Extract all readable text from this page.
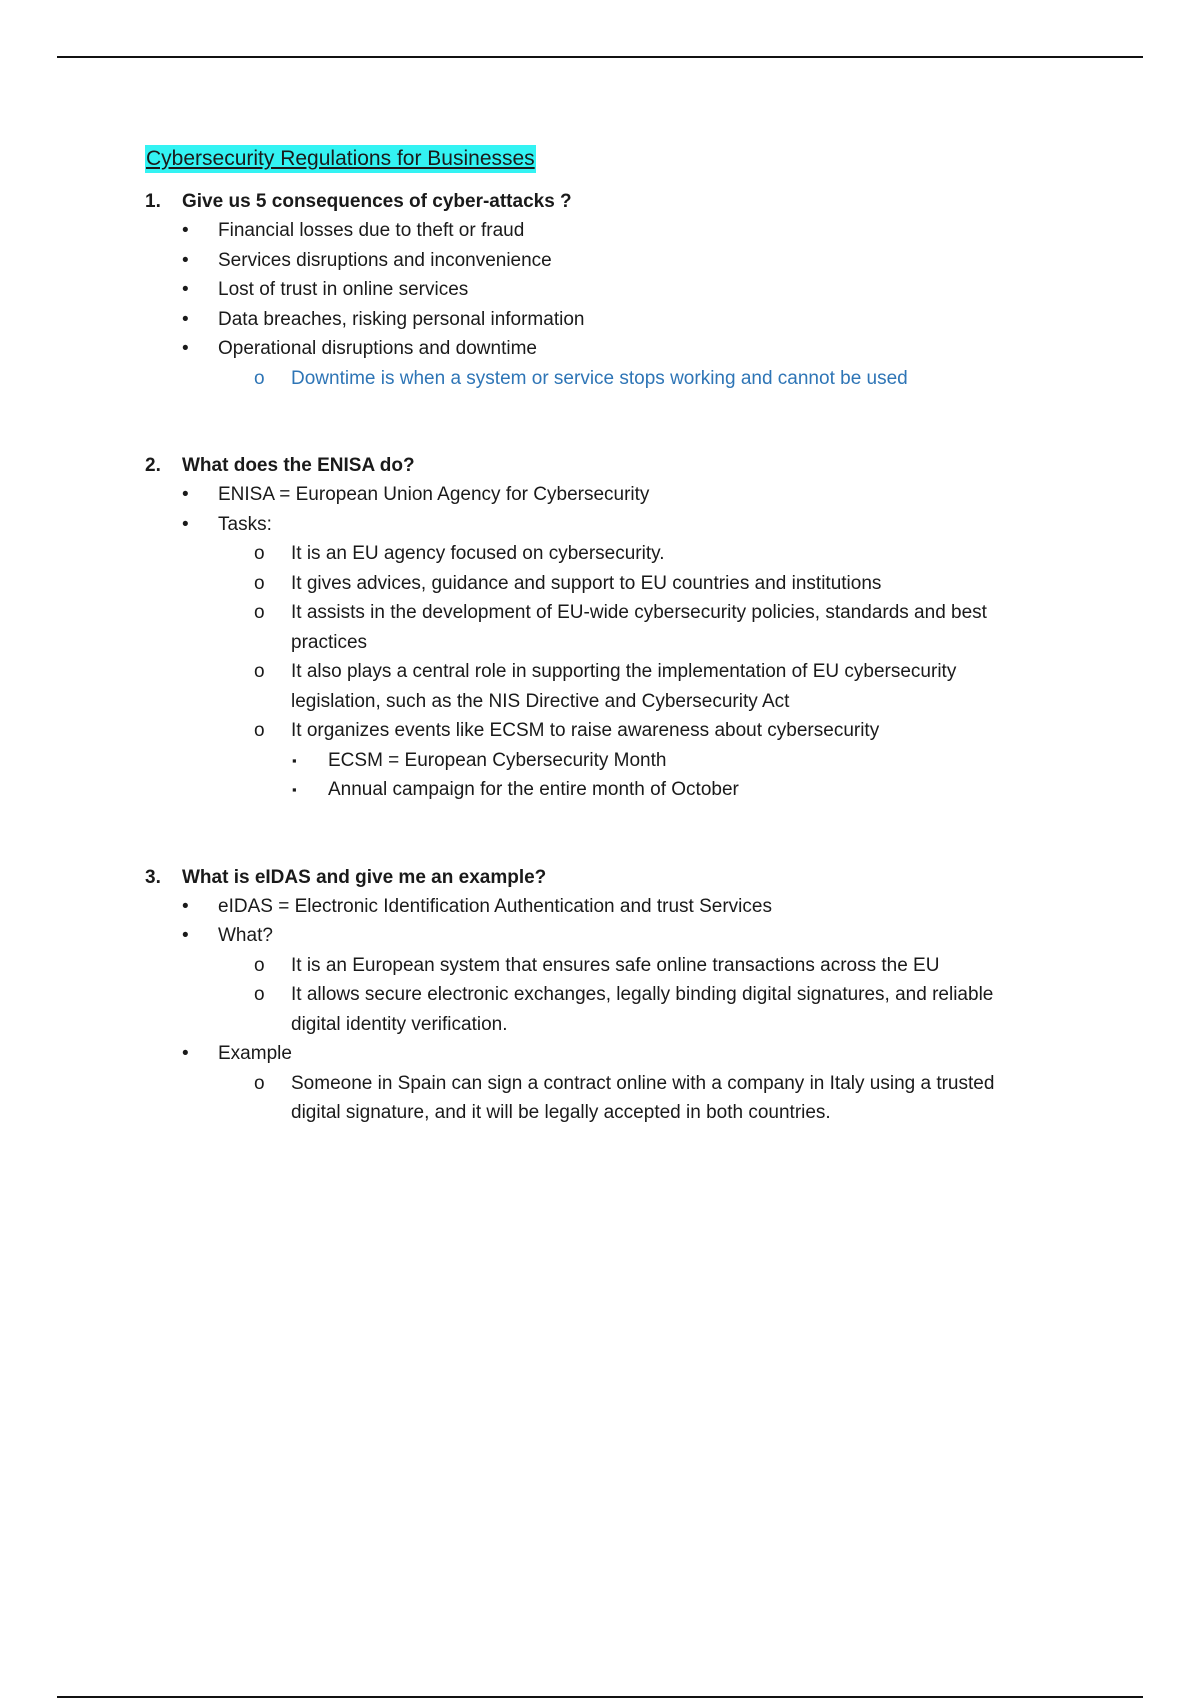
Cybersecurity Regulations for Businesses
1. Give us 5 consequences of cyber-attacks ?
• Financial losses due to theft or fraud
• Services disruptions and inconvenience
• Lost of trust in online services
• Data breaches, risking personal information
• Operational disruptions and downtime
o Downtime is when a system or service stops working and cannot be used
2. What does the ENISA do?
• ENISA = European Union Agency for Cybersecurity
• Tasks:
o It is an EU agency focused on cybersecurity.
o It gives advices, guidance and support to EU countries and institutions
o It assists in the development of EU-wide cybersecurity policies, standards and best practices
o It also plays a central role in supporting the implementation of EU cybersecurity legislation, such as the NIS Directive and Cybersecurity Act
o It organizes events like ECSM to raise awareness about cybersecurity
▪ ECSM = European Cybersecurity Month
▪ Annual campaign for the entire month of October
3. What is eIDAS and give me an example?
• eIDAS = Electronic Identification Authentication and trust Services
• What?
o It is an European system that ensures safe online transactions across the EU
o It allows secure electronic exchanges, legally binding digital signatures, and reliable digital identity verification.
• Example
o Someone in Spain can sign a contract online with a company in Italy using a trusted digital signature, and it will be legally accepted in both countries.
